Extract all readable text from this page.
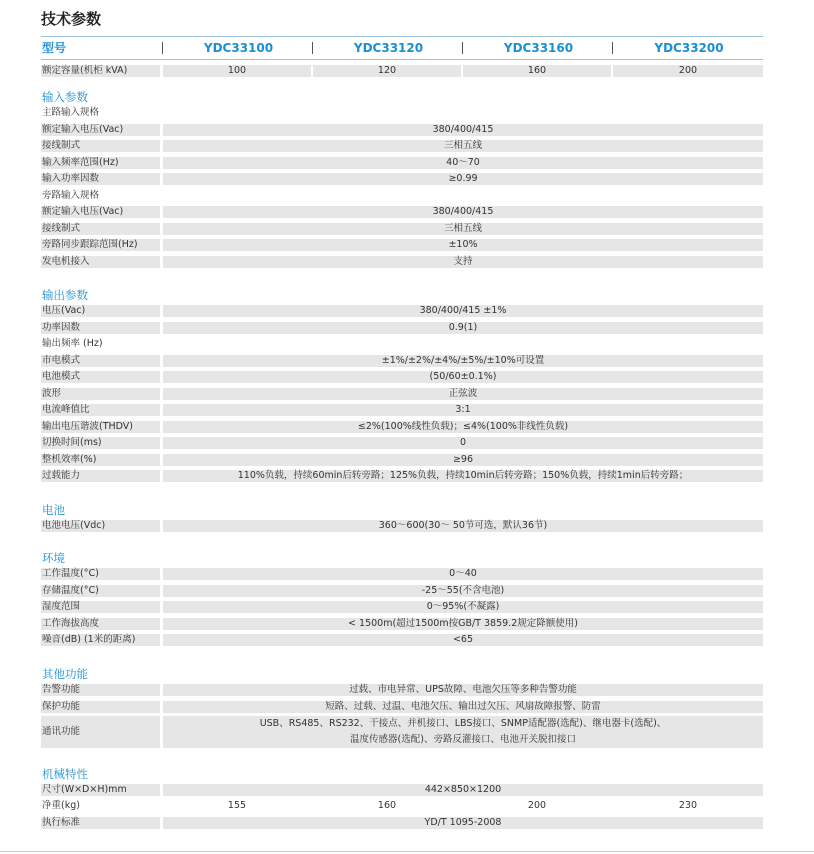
技术参数
型号	YDC33100	YDC33120	YDC33160	YDC33200
额定容量(机柜 kVA)	100	120	160	200
输入参数
主路输入规格
额定输入电压(Vac)	380/400/415
接线制式	三相五线
输入频率范围(Hz)	40～70
输入功率因数	≥0.99
旁路输入规格
额定输入电压(Vac)	380/400/415
接线制式	三相五线
旁路同步跟踪范围(Hz)	±10%
发电机接入	支持
输出参数
电压(Vac)	380/400/415 ±1%
功率因数	0.9(1)
输出频率 (Hz)
市电模式	±1%/±2%/±4%/±5%/±10%可设置
电池模式	(50/60±0.1%)
波形	正弦波
电流峰值比	3:1
输出电压谐波(THDV)	≤2%(100%线性负载)；≤4%(100%非线性负载)
切换时间(ms)	0
整机效率(%)	≥96
过载能力	110%负载，持续60min后转旁路；125%负载，持续10min后转旁路；150%负载，持续1min后转旁路；
电池
电池电压(Vdc)	360～600(30～ 50节可选，默认36节)
环境
工作温度(°C)	0～40
存储温度(°C)	-25～55(不含电池)
湿度范围	0～95%(不凝露)
工作海拔高度	< 1500m(超过1500m按GB/T 3859.2规定降额使用)
噪音(dB) (1米的距离)	<65
其他功能
告警功能	过载、市电异常、UPS故障、电池欠压等多种告警功能
保护功能	短路、过载、过温、电池欠压、输出过欠压、风扇故障报警、防雷
通讯功能
USB、RS485、RS232、干接点、并机接口、LBS接口、SNMP适配器(选配)、继电器卡(选配)、
温度传感器(选配)、旁路反灌接口、电池开关脱扣接口
机械特性
尺寸(W×D×H)mm	442×850×1200
净重(kg)	155	160	200	230
执行标准	YD/T 1095-2008
